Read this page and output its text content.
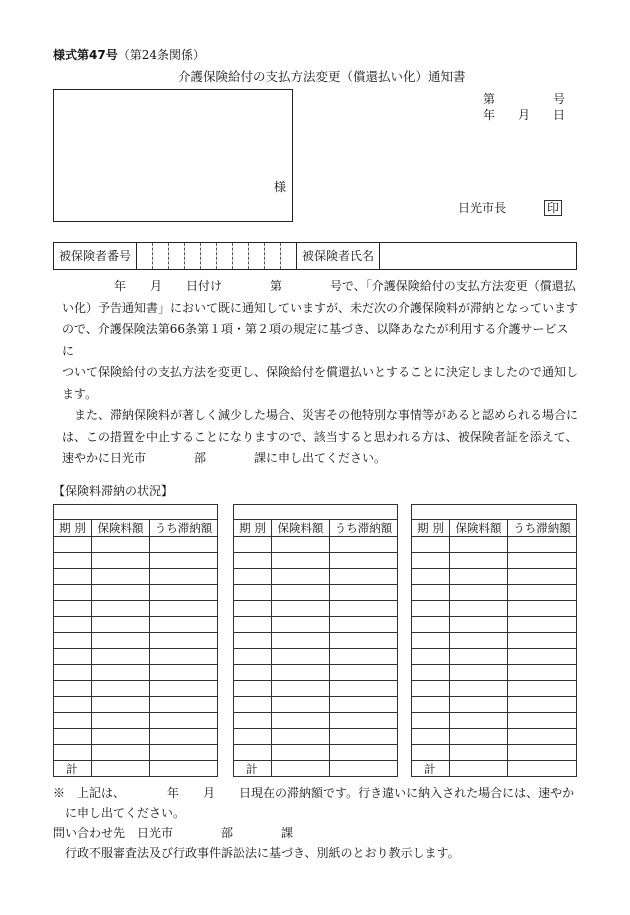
様式第47号（第24条関係）
介護保険給付の支払方法変更（償還払い化）通知書
第	号
年 月 日
様
日光市長	印
被保険者番号	被保険者氏名
年　　月　　日付け　　　　第　　　　号で、「介護保険給付の支払方法変更（償還払
い化）予告通知書」において既に通知していますが、未だ次の介護保険料が滞納となっています
ので、介護保険法第66条第１項・第２項の規定に基づき、以降あなたが利用する介護サービスに
ついて保険給付の支払方法を変更し、保険給付を償還払いとすることに決定しましたので通知し
ます。
また、滞納保険料が著しく減少した場合、災害その他特別な事情等があると認められる場合に
は、この措置を中止することになりますので、該当すると思われる方は、被保険者証を添えて、
速やかに日光市　　　　部　　　　課に申し出てください。
【保険料滞納の状況】

期 別	保険料額	うち滞納額

計		

期 別	保険料額	うち滞納額

計		

期 別	保険料額	うち滞納額

計		
※　 上記は、　　　　年　　月　　日現在の滞納額です。行き違いに納入された場合には、速やか
に申し出てください。
問い合わせ先　日光市　　　　部　　　　課
行政不服審査法及び行政事件訴訟法に基づき、別紙のとおり教示します。
